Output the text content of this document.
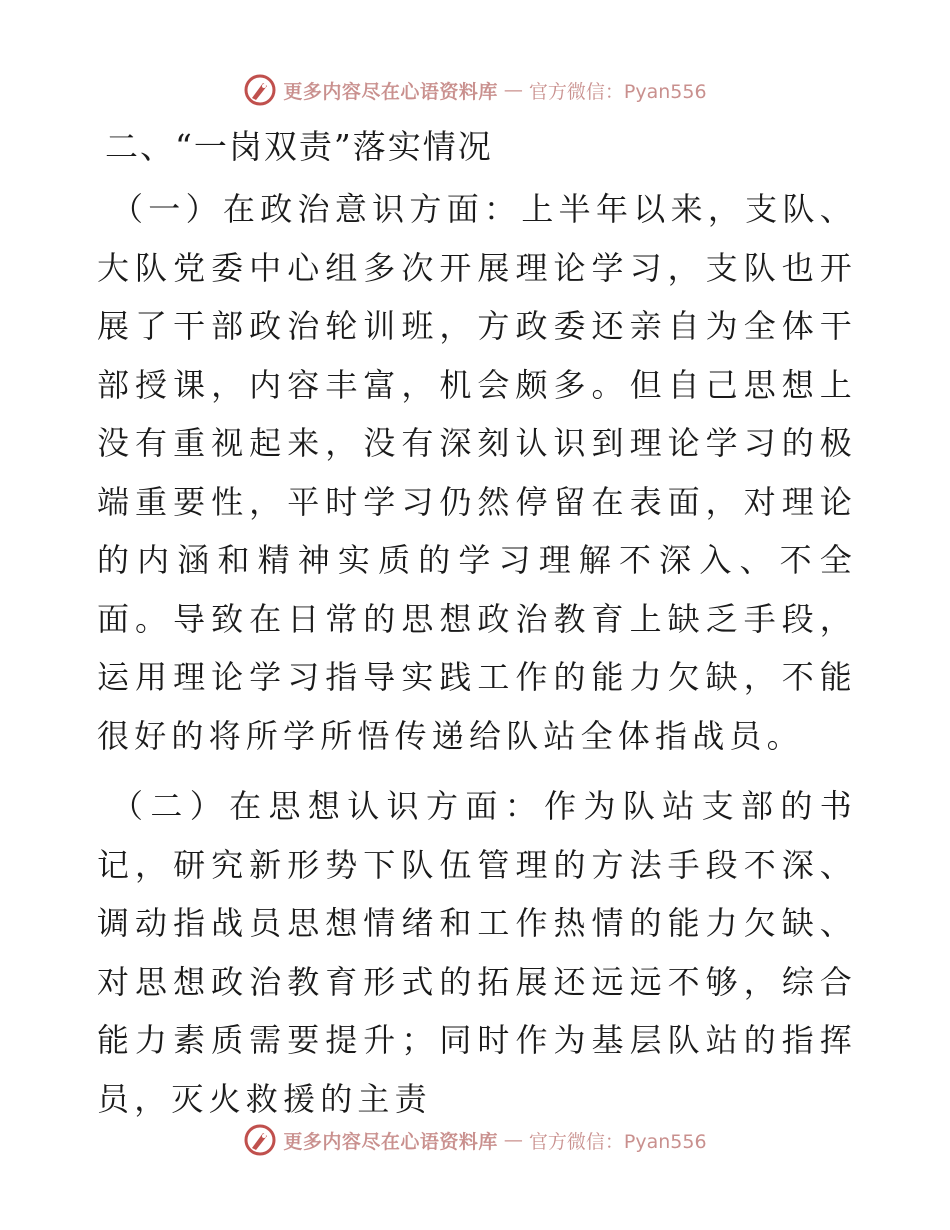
更多内容尽在心语资料库 — 官方微信：Pyan556
二、“一岗双责”落实情况

（一）在政治意识方面：上半年以来，支队、大队党委中心组多次开展理论学习，支队也开展了干部政治轮训班，方政委还亲自为全体干部授课，内容丰富，机会颇多。但自己思想上没有重视起来，没有深刻认识到理论学习的极端重要性，平时学习仍然停留在表面，对理论的内涵和精神实质的学习理解不深入、不全面。导致在日常的思想政治教育上缺乏手段，运用理论学习指导实践工作的能力欠缺，不能很好的将所学所悟传递给队站全体指战员。

（二）在思想认识方面：作为队站支部的书记，研究新形势下队伍管理的方法手段不深、调动指战员思想情绪和工作热情的能力欠缺、对思想政治教育形式的拓展还远远不够，综合能力素质需要提升；同时作为基层队站的指挥员，灭火救援的主责

更多内容尽在心语资料库 — 官方微信：Pyan556
